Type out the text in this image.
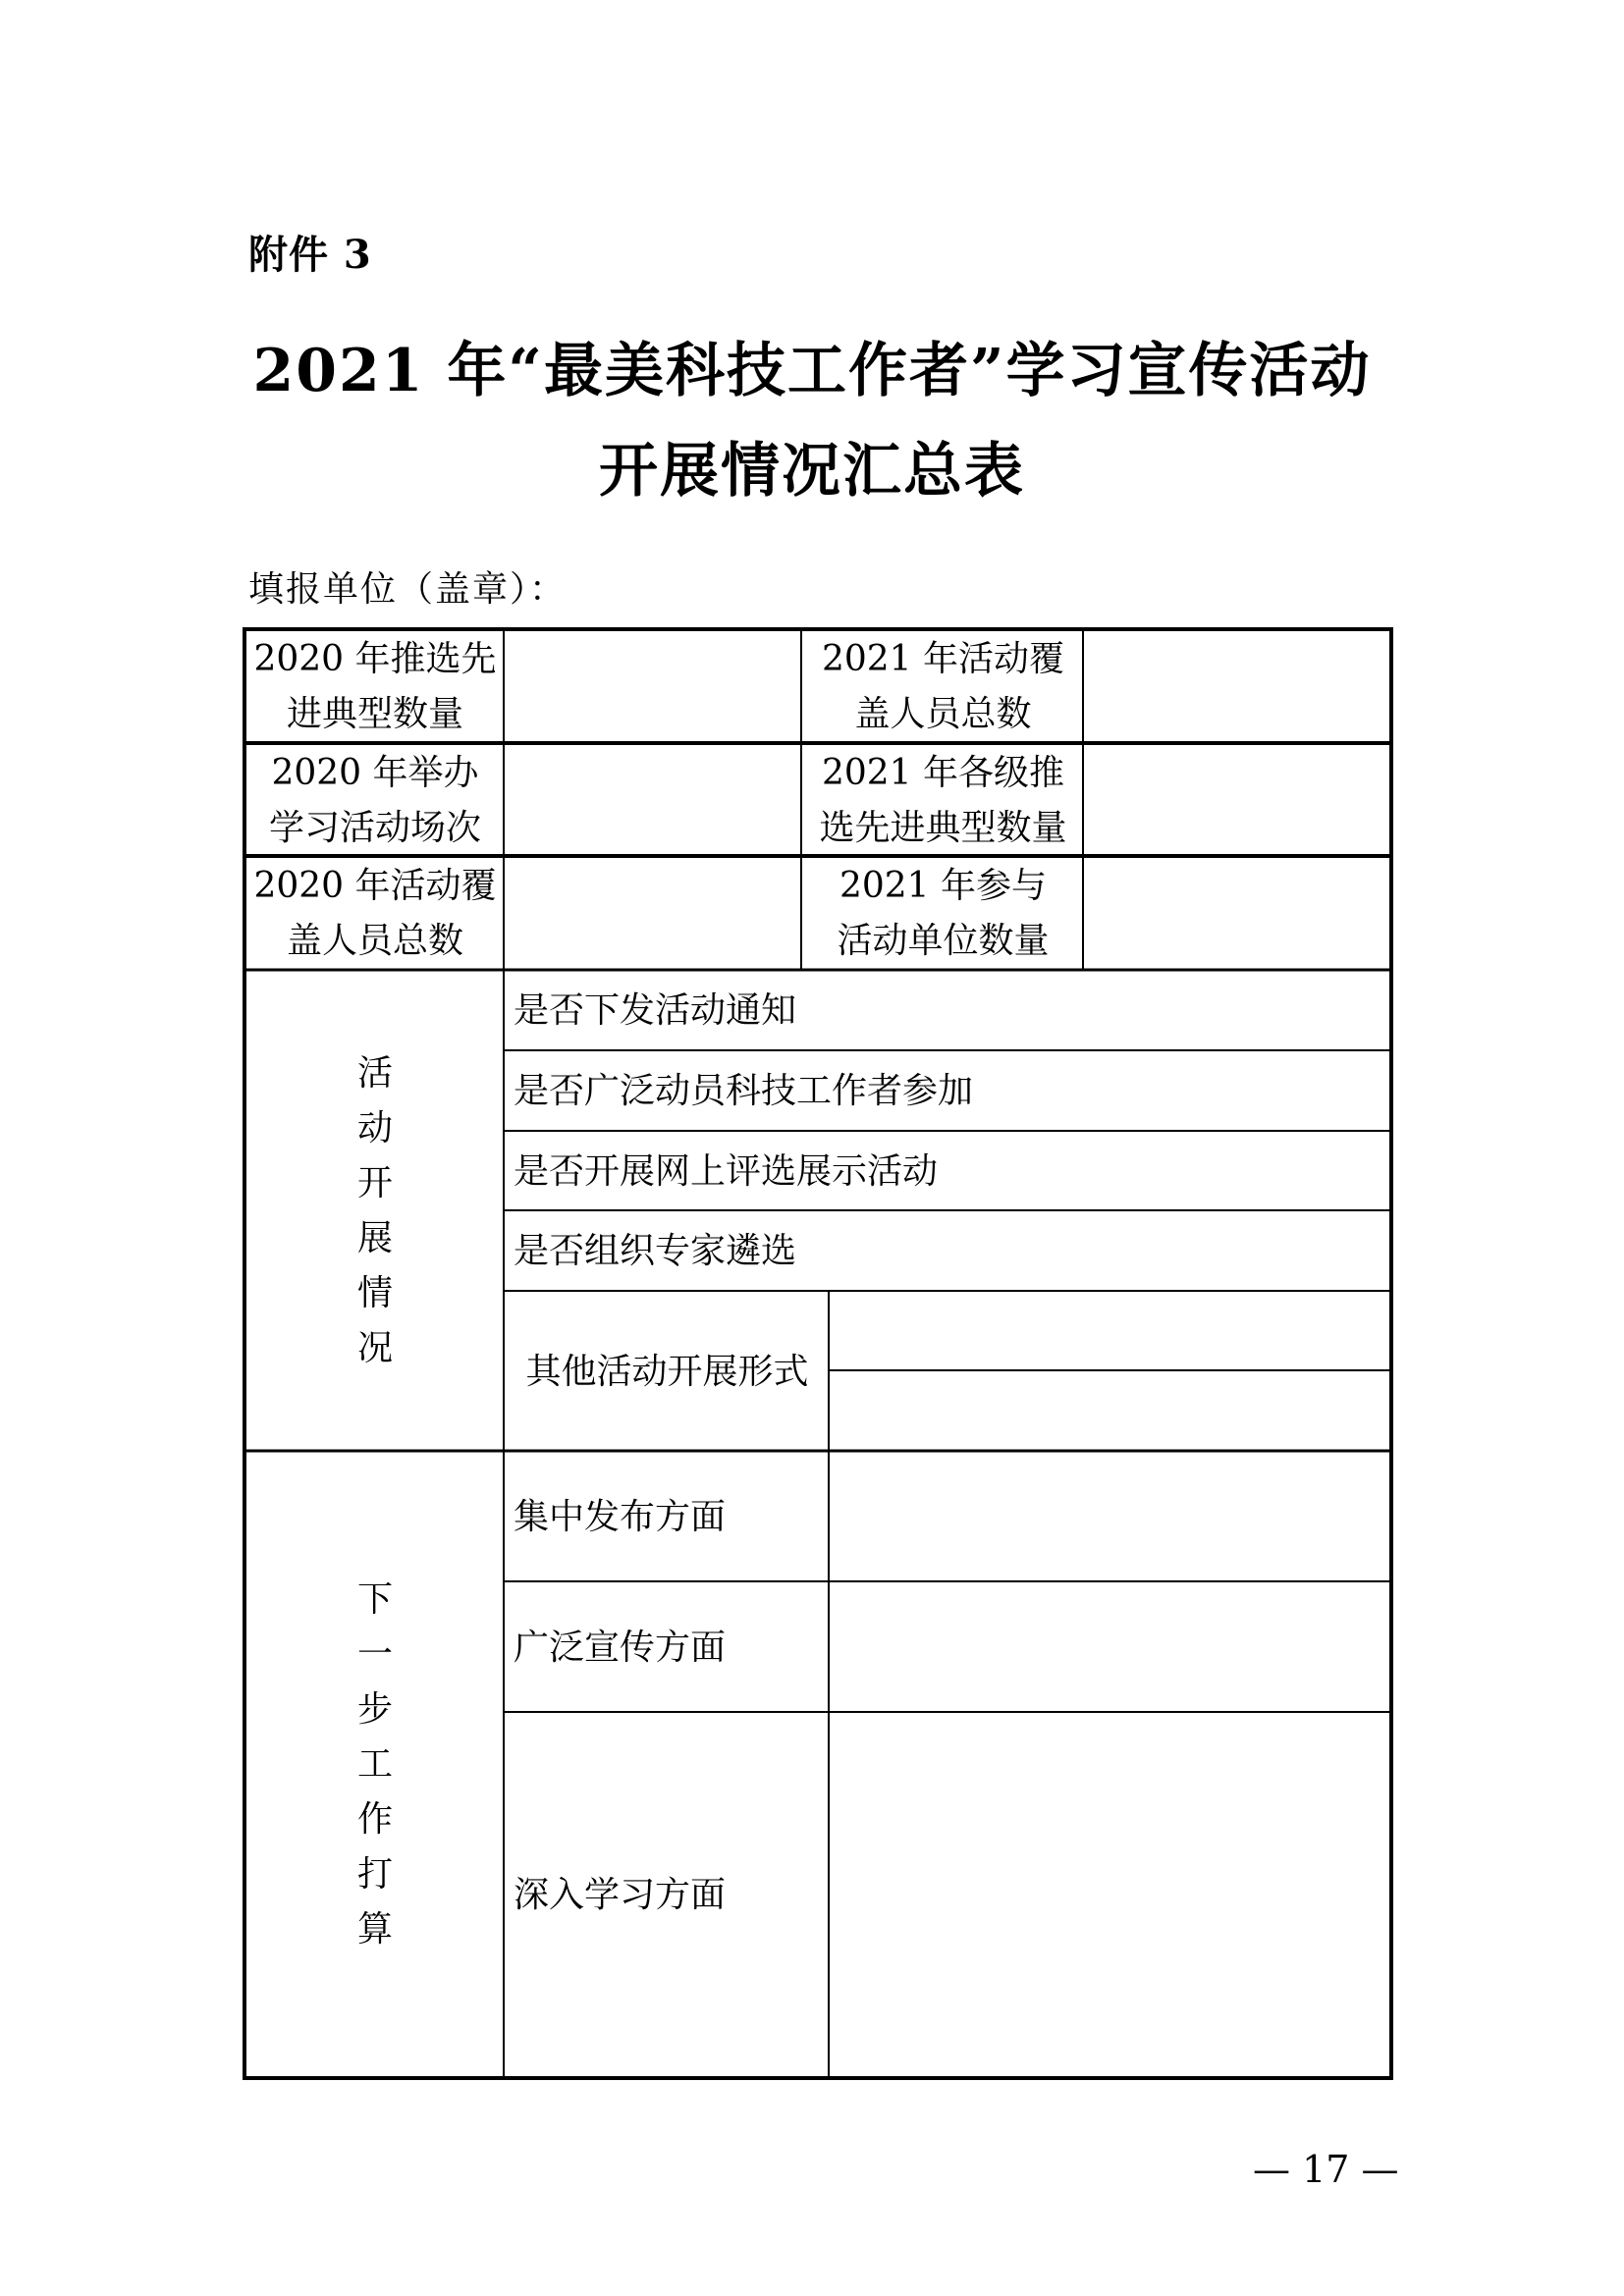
附件 3
2021 年“最美科技工作者”学习宣传活动
开展情况汇总表
填报单位（盖章）：
2020 年推选先
进典型数量
2021 年活动覆
盖人员总数
2020 年举办
学习活动场次
2021 年各级推
选先进典型数量
2020 年活动覆
盖人员总数
2021 年参与
活动单位数量
活
动
开
展
情
况
是否下发活动通知
是否广泛动员科技工作者参加
是否开展网上评选展示活动
是否组织专家遴选
其他活动开展形式
下
一
步
工
作
打
算
集中发布方面
广泛宣传方面
深入学习方面
— 17 —
